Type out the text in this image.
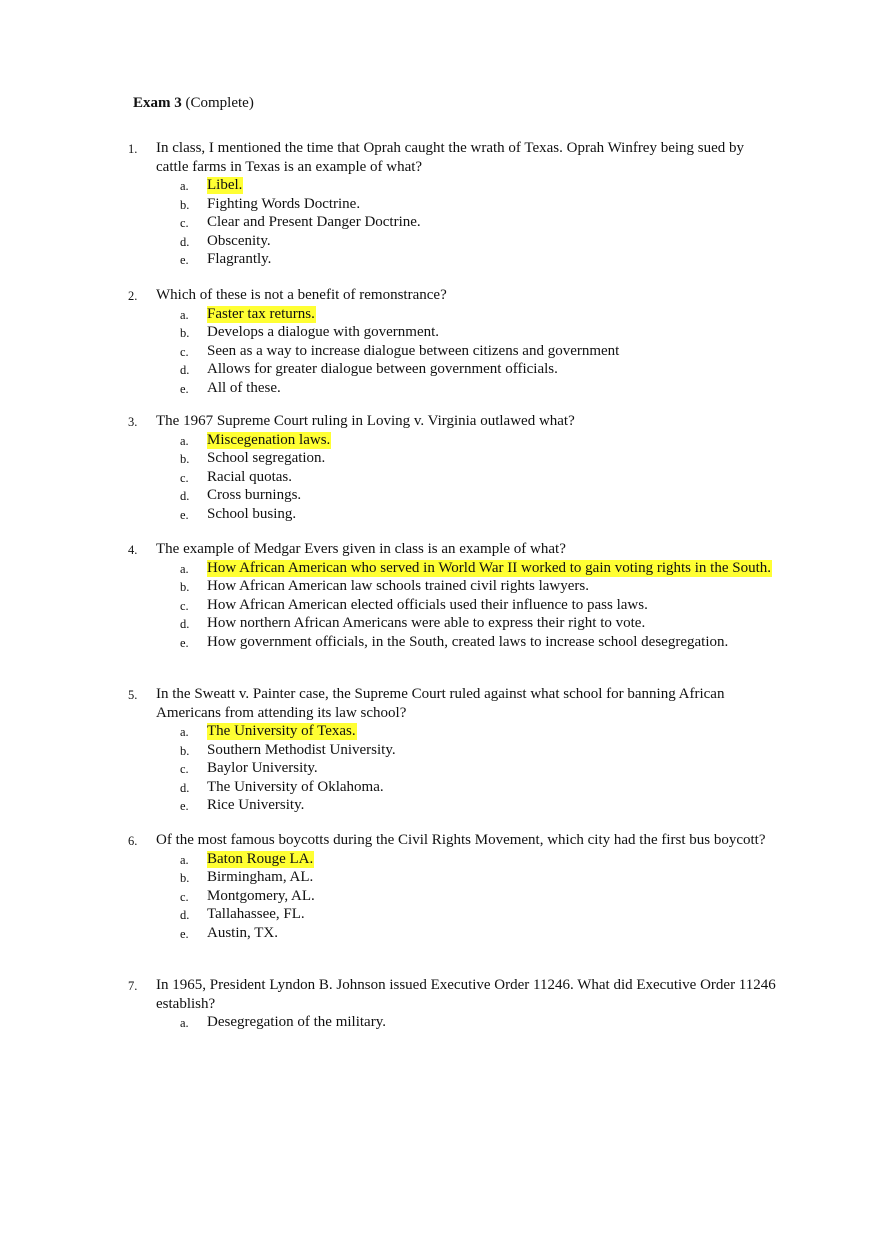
Exam 3 (Complete)
1. In class, I mentioned the time that Oprah caught the wrath of Texas. Oprah Winfrey being sued by cattle farms in Texas is an example of what?
a. Libel.
b. Fighting Words Doctrine.
c. Clear and Present Danger Doctrine.
d. Obscenity.
e. Flagrantly.
2. Which of these is not a benefit of remonstrance?
a. Faster tax returns.
b. Develops a dialogue with government.
c. Seen as a way to increase dialogue between citizens and government
d. Allows for greater dialogue between government officials.
e. All of these.
3. The 1967 Supreme Court ruling in Loving v. Virginia outlawed what?
a. Miscegenation laws.
b. School segregation.
c. Racial quotas.
d. Cross burnings.
e. School busing.
4. The example of Medgar Evers given in class is an example of what?
a. How African American who served in World War II worked to gain voting rights in the South.
b. How African American law schools trained civil rights lawyers.
c. How African American elected officials used their influence to pass laws.
d. How northern African Americans were able to express their right to vote.
e. How government officials, in the South, created laws to increase school desegregation.
5. In the Sweatt v. Painter case, the Supreme Court ruled against what school for banning African Americans from attending its law school?
a. The University of Texas.
b. Southern Methodist University.
c. Baylor University.
d. The University of Oklahoma.
e. Rice University.
6. Of the most famous boycotts during the Civil Rights Movement, which city had the first bus boycott?
a. Baton Rouge LA.
b. Birmingham, AL.
c. Montgomery, AL.
d. Tallahassee, FL.
e. Austin, TX.
7. In 1965, President Lyndon B. Johnson issued Executive Order 11246. What did Executive Order 11246 establish?
a. Desegregation of the military.
